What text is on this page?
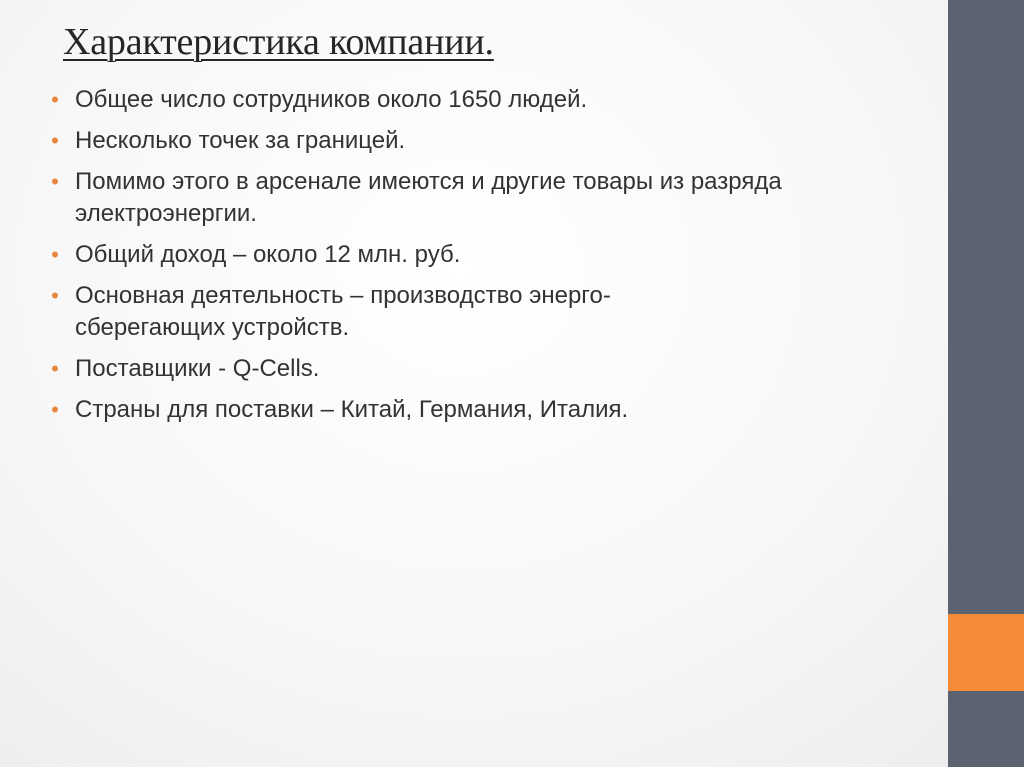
Характеристика компании.
• Общее число сотрудников около 1650 людей.
• Несколько точек за границей.
• Помимо этого в арсенале имеются и другие товары из разряда электроэнергии.
• Общий доход – около 12 млн. руб.
• Основная деятельность – производство энерго-сберегающих устройств.
• Поставщики - Q-Cells.
• Страны для поставки – Китай, Германия, Италия.
